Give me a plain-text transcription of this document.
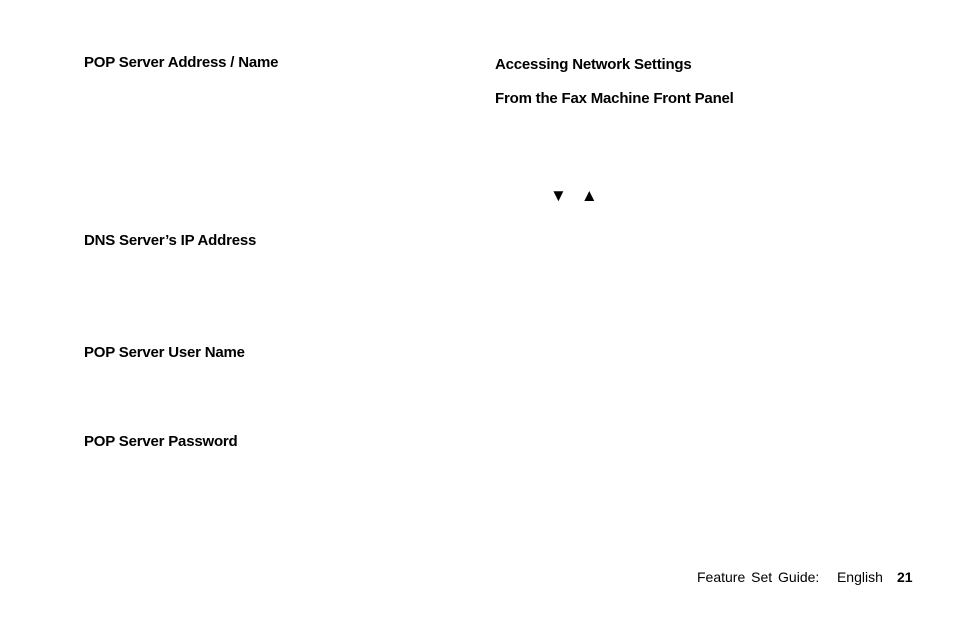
POP Server Address / Name
DNS Server’s IP Address
POP Server User Name
POP Server Password
Accessing Network Settings
From the Fax Machine Front Panel
▼ ▲
Feature Set Guide: English 21
